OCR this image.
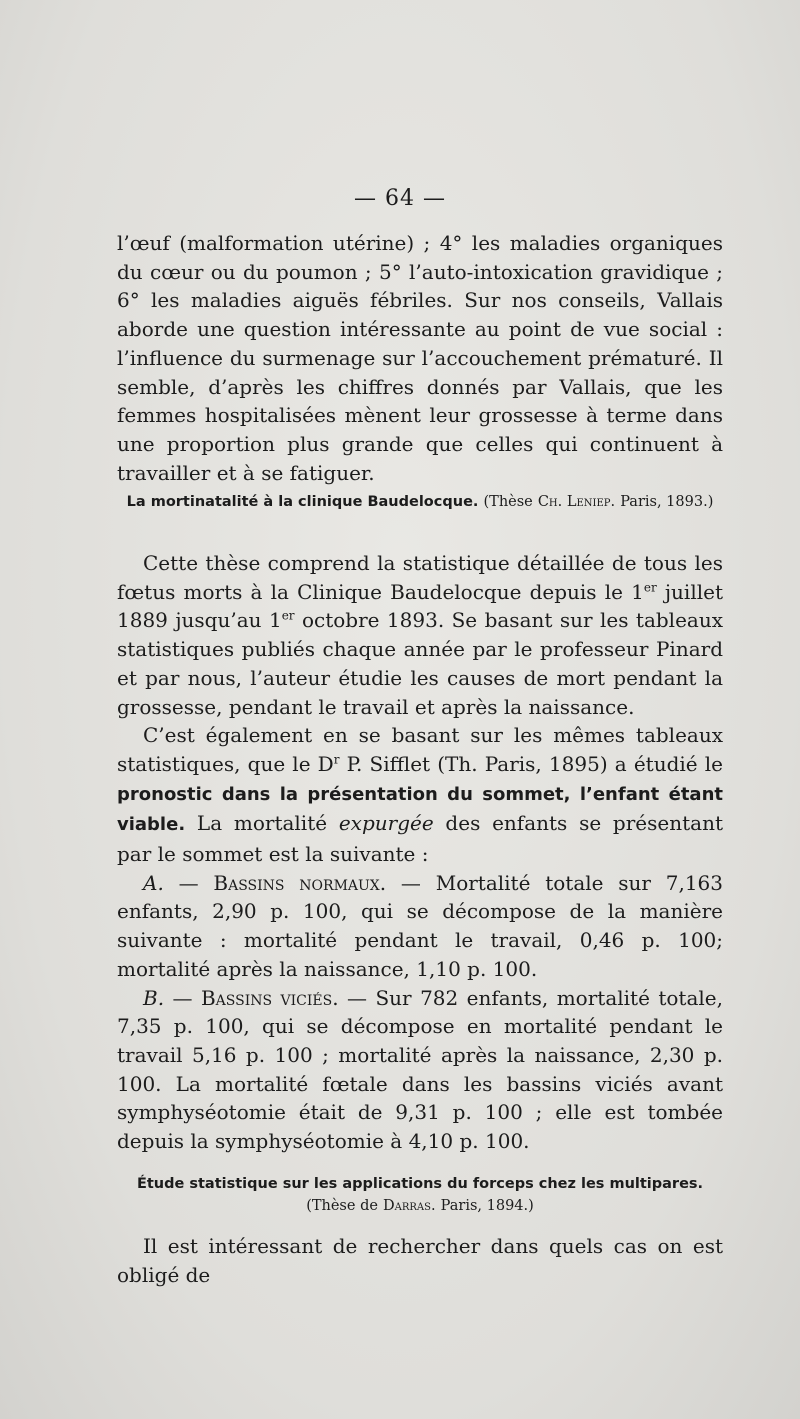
— 64 —

l’œuf (malformation utérine) ; 4° les maladies organiques du cœur ou du poumon ; 5° l’auto-intoxication gravidique ; 6° les maladies aiguës fébriles. Sur nos conseils, Vallais aborde une question intéressante au point de vue social : l’influence du surmenage sur l’accouchement prématuré. Il semble, d’après les chiffres donnés par Vallais, que les femmes hospitalisées mènent leur grossesse à terme dans une proportion plus grande que celles qui continuent à travailler et à se fatiguer.

La mortinatalité à la clinique Baudelocque. (Thèse Ch. Leniep. Paris, 1893.)

Cette thèse comprend la statistique détaillée de tous les fœtus morts à la Clinique Baudelocque depuis le 1er juillet 1889 jusqu’au 1er octobre 1893. Se basant sur les tableaux statistiques publiés chaque année par le professeur Pinard et par nous, l’auteur étudie les causes de mort pendant la grossesse, pendant le travail et après la naissance.

C’est également en se basant sur les mêmes tableaux statistiques, que le $D^r$ P. Sifflet (Th. Paris, 1895) a étudié le pronostic dans la présentation du sommet, l’enfant étant viable. La mortalité expurgée des enfants se présentant par le sommet est la suivante :

A. — Bassins normaux. — Mortalité totale sur 7,163 enfants, 2,90 p. 100, qui se décompose de la manière suivante : mortalité pendant le travail, 0,46 p. 100; mortalité après la naissance, 1,10 p. 100.

B. — Bassins viciés. — Sur 782 enfants, mortalité totale, 7,35 p. 100, qui se décompose en mortalité pendant le travail 5,16 p. 100 ; mortalité après la naissance, 2,30 p. 100. La mortalité fœtale dans les bassins viciés avant symphyséotomie était de 9,31 p. 100 ; elle est tombée depuis la symphyséotomie à 4,10 p. 100.

Étude statistique sur les applications du forceps chez les multipares. (Thèse de Darras. Paris, 1894.)

Il est intéressant de rechercher dans quels cas on est obligé de
